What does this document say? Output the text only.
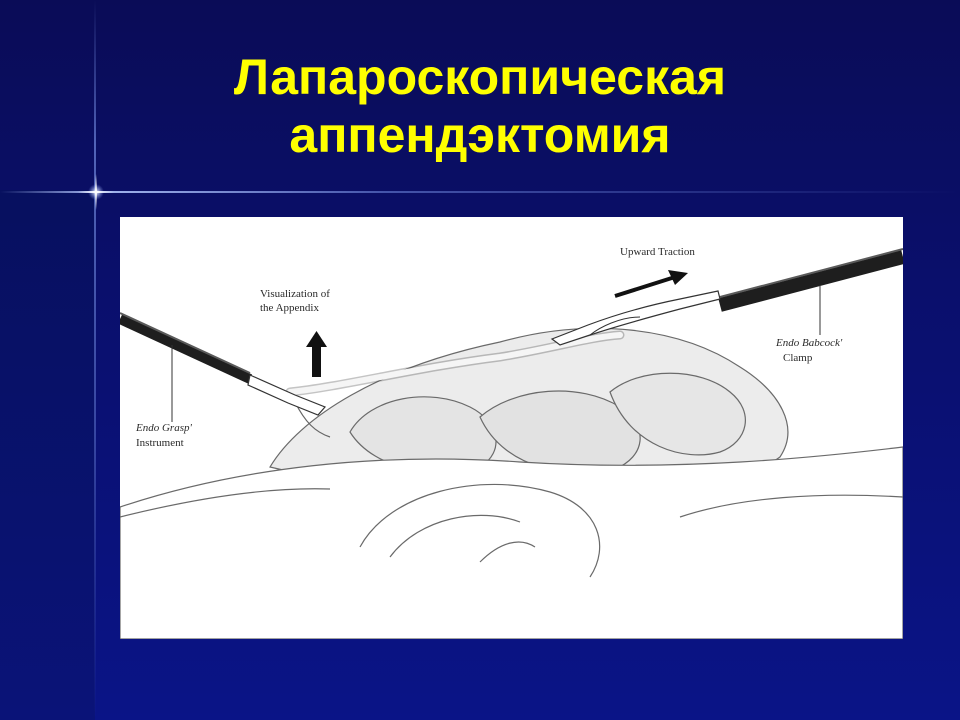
Лапароскопическая
аппендэктомия
Visualization of
the Appendix
Upward Traction
Endo Babcock'
Clamp
Endo Grasp'
Instrument
